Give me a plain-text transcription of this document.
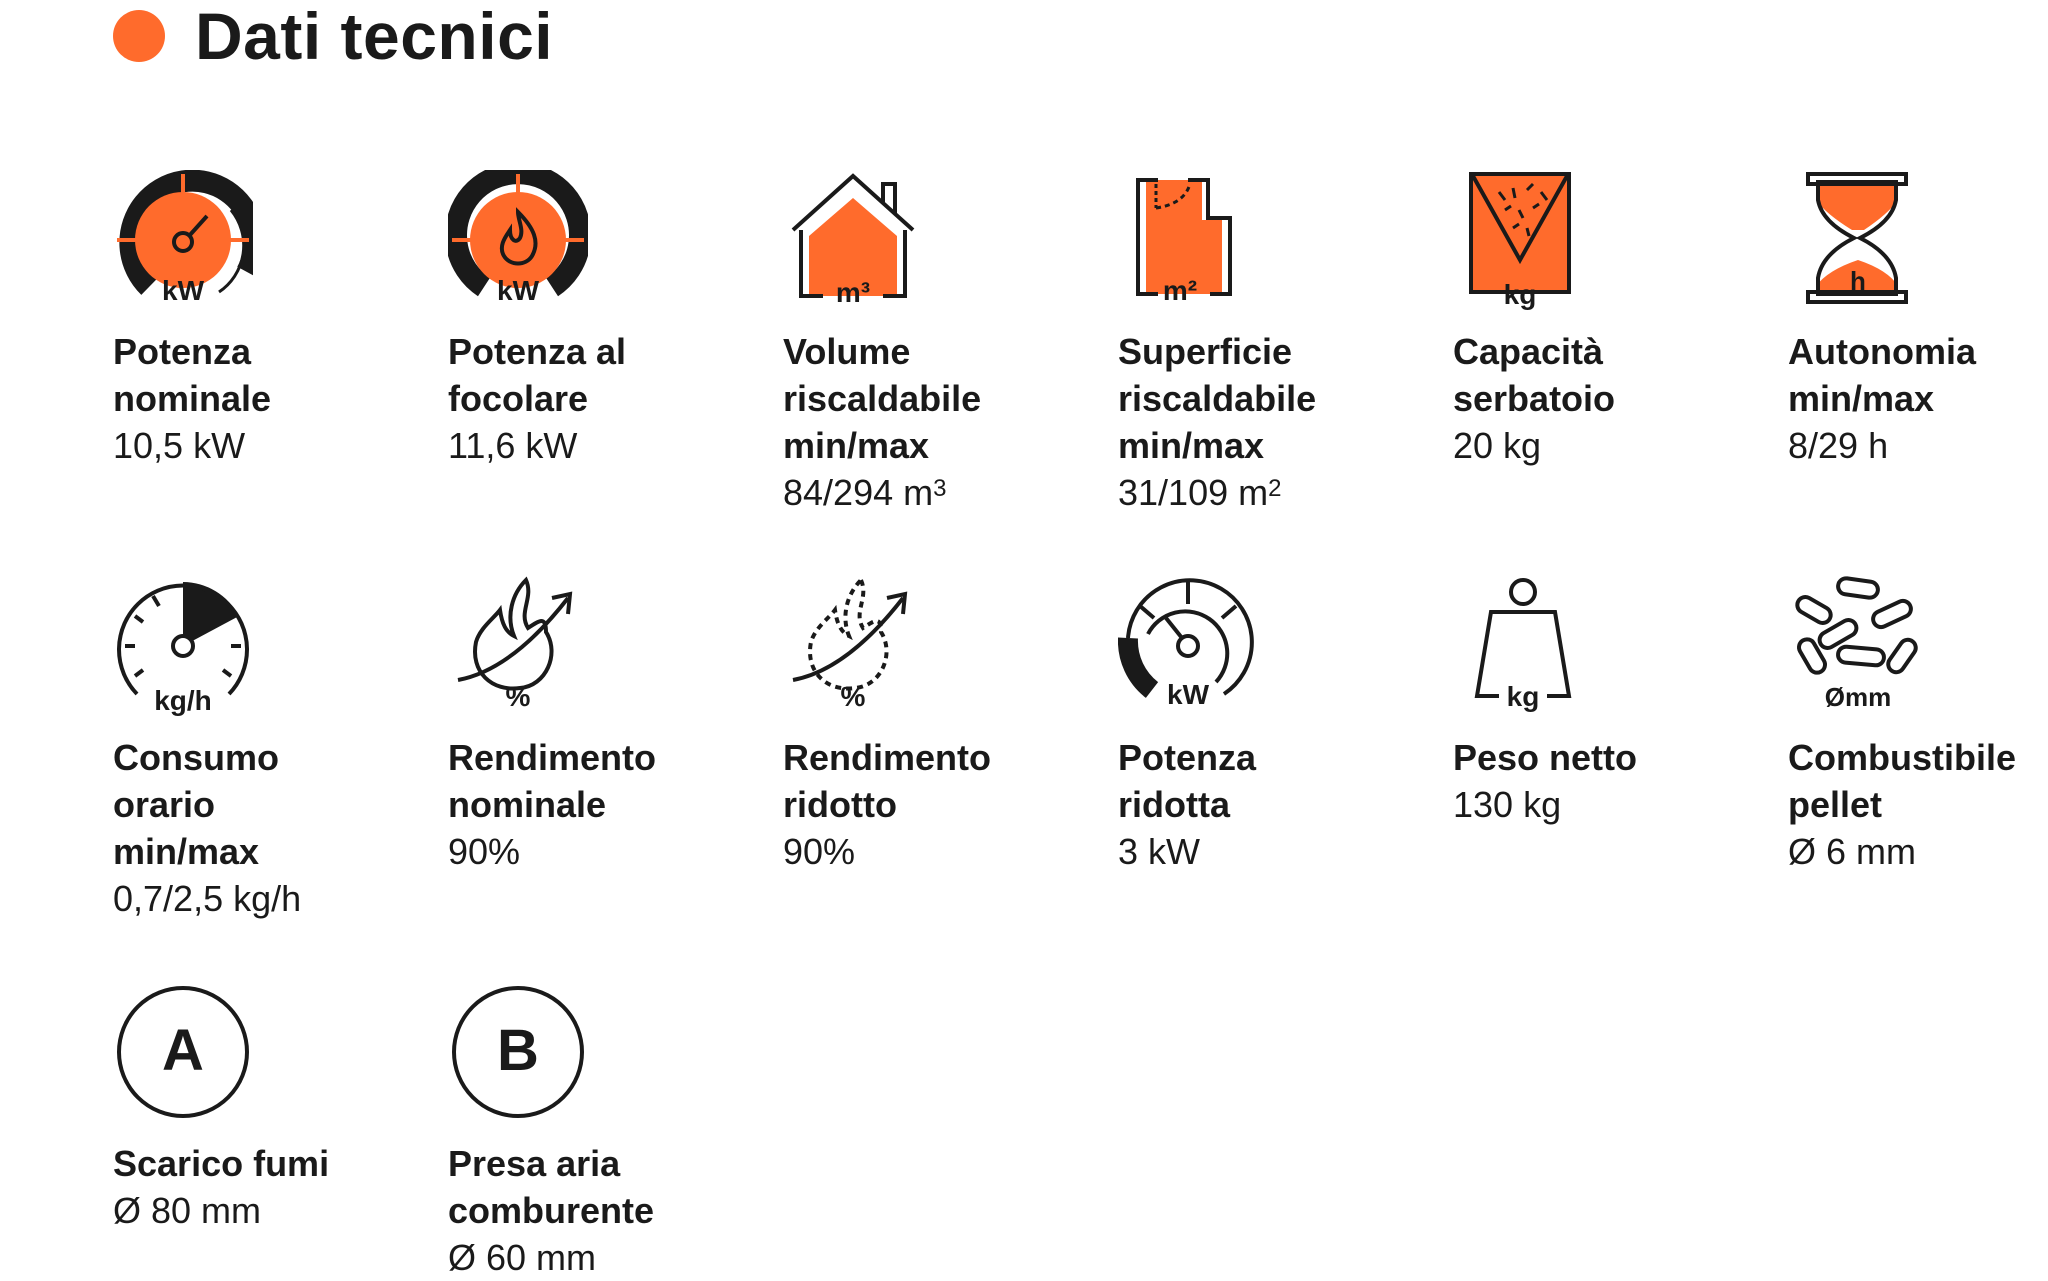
Dati tecnici
kW
Potenza
nominale
10,5 kW
kW
Potenza al
focolare
11,6 kW
m³
Volume
riscaldabile
min/max
84/294 $m^3$
m²
Superficie
riscaldabile
min/max
31/109 $m^2$
kg
Capacità
serbatoio
20 kg
h
Autonomia
min/max
8/29 h
kg/h
Consumo
orario
min/max
0,7/2,5 kg/h
%
Rendimento
nominale
90%
%
Rendimento
ridotto
90%
kW
Potenza
ridotta
3 kW
kg
Peso netto
130 kg
Ømm
Combustibile
pellet
Ø 6 mm
A
Scarico fumi
Ø 80 mm
B
Presa aria
comburente
Ø 60 mm
